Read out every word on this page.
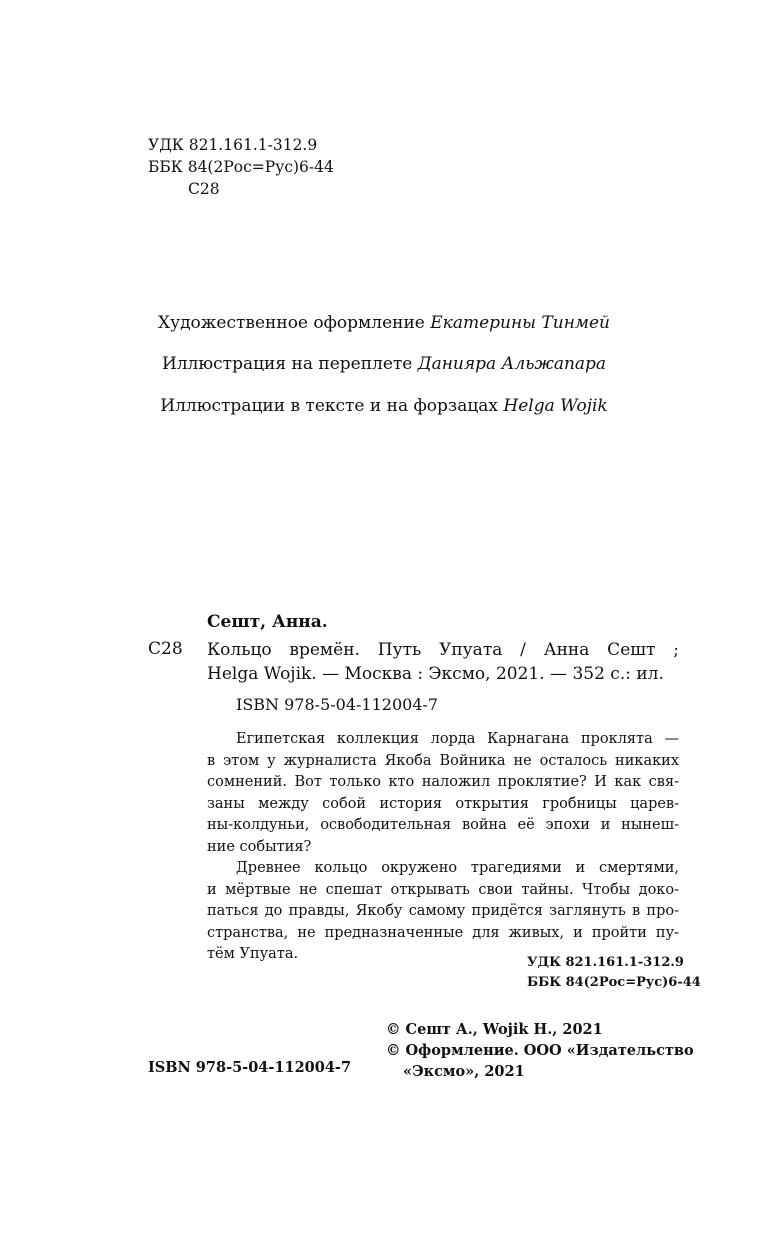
УДК 821.161.1-312.9
ББК 84(2Рос=Рус)6-44
С28
Художественное оформление Екатерины Тинмей
Иллюстрация на переплете Данияра Альжапара
Иллюстрации в тексте и на форзацах Helga Wojik
Сешт, Анна.
С28 Кольцо времён. Путь Упуата / Анна Сешт ;
Helga Wojik. — Москва : Эксмо, 2021. — 352 с.: ил.
ISBN 978-5-04-112004-7
Египетская коллекция лорда Карнагана проклята —
в этом у журналиста Якоба Войника не осталось никаких
сомнений. Вот только кто наложил проклятие? И как свя-
заны между собой история открытия гробницы царев-
ны-колдуньи, освободительная война её эпохи и нынеш-
ние события?
Древнее кольцо окружено трагедиями и смертями,
и мёртвые не спешат открывать свои тайны. Чтобы доко-
паться до правды, Якобу самому придётся заглянуть в про-
странства, не предназначенные для живых, и пройти пу-
тём Упуата.
УДК 821.161.1-312.9
ББК 84(2Рос=Рус)6-44
© Сешт А., Wojik H., 2021
© Оформление. ООО «Издательство
«Эксмо», 2021
ISBN 978-5-04-112004-7
